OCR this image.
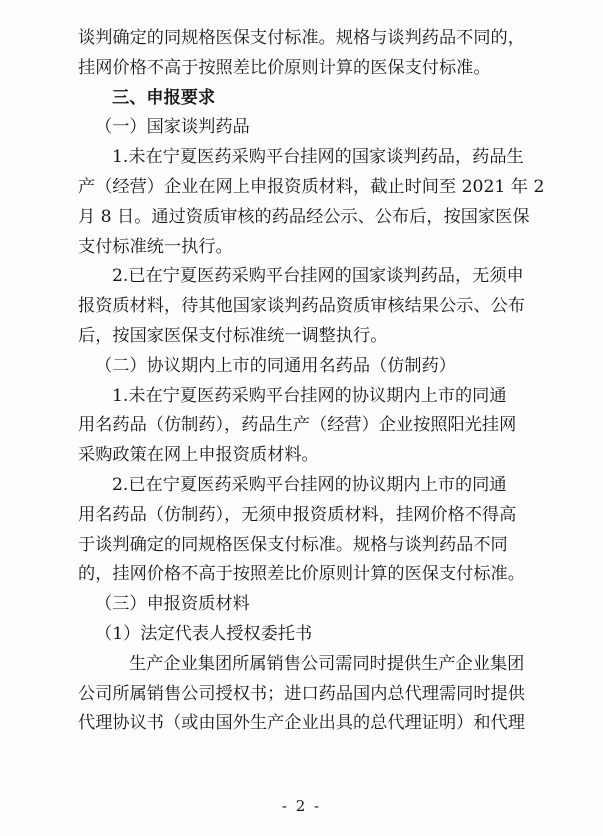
谈判确定的同规格医保支付标准。规格与谈判药品不同的，
挂网价格不高于按照差比价原则计算的医保支付标准。
三、申报要求
（一）国家谈判药品
1.未在宁夏医药采购平台挂网的国家谈判药品，药品生
产（经营）企业在网上申报资质材料，截止时间至 2021 年 2
月 8 日。通过资质审核的药品经公示、公布后，按国家医保
支付标准统一执行。
2.已在宁夏医药采购平台挂网的国家谈判药品，无须申
报资质材料，待其他国家谈判药品资质审核结果公示、公布
后，按国家医保支付标准统一调整执行。
（二）协议期内上市的同通用名药品（仿制药）
1.未在宁夏医药采购平台挂网的协议期内上市的同通
用名药品（仿制药），药品生产（经营）企业按照阳光挂网
采购政策在网上申报资质材料。
2.已在宁夏医药采购平台挂网的协议期内上市的同通
用名药品（仿制药），无须申报资质材料，挂网价格不得高
于谈判确定的同规格医保支付标准。规格与谈判药品不同
的，挂网价格不高于按照差比价原则计算的医保支付标准。
（三）申报资质材料
（1）法定代表人授权委托书
生产企业集团所属销售公司需同时提供生产企业集团
公司所属销售公司授权书；进口药品国内总代理需同时提供
代理协议书（或由国外生产企业出具的总代理证明）和代理
- 2 -
